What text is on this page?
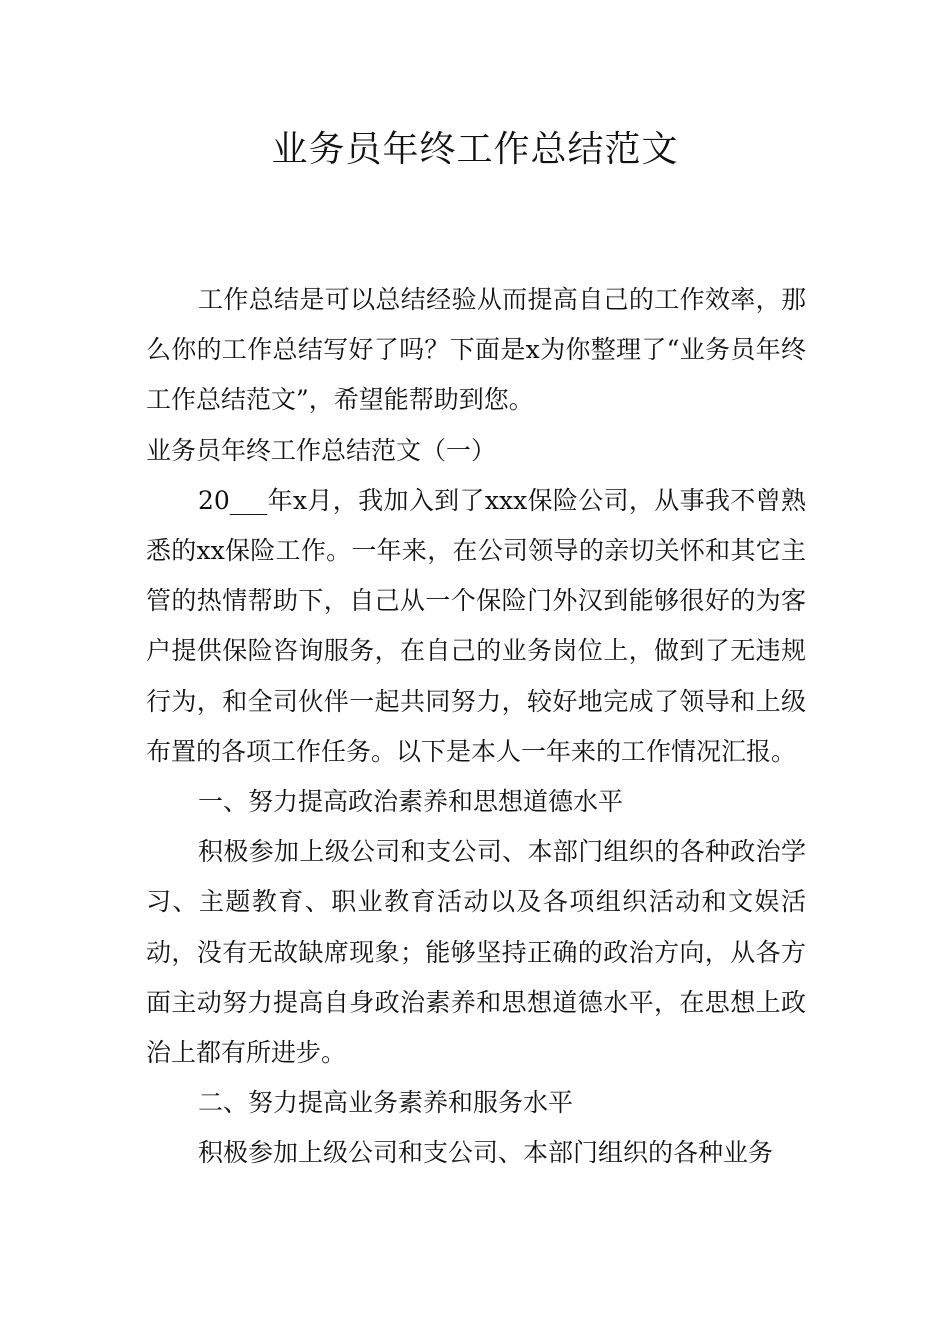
业务员年终工作总结范文

工作总结是可以总结经验从而提高自己的工作效率，那么你的工作总结写好了吗？下面是x为你整理了“业务员年终工作总结范文”，希望能帮助到您。

业务员年终工作总结范文（一）

20___年x月，我加入到了xxx保险公司，从事我不曾熟悉的xx保险工作。一年来，在公司领导的亲切关怀和其它主管的热情帮助下，自己从一个保险门外汉到能够很好的为客户提供保险咨询服务，在自己的业务岗位上，做到了无违规行为，和全司伙伴一起共同努力，较好地完成了领导和上级布置的各项工作任务。以下是本人一年来的工作情况汇报。

一、努力提高政治素养和思想道德水平

积极参加上级公司和支公司、本部门组织的各种政治学习、主题教育、职业教育活动以及各项组织活动和文娱活动，没有无故缺席现象；能够坚持正确的政治方向，从各方面主动努力提高自身政治素养和思想道德水平，在思想上政治上都有所进步。

二、努力提高业务素养和服务水平

积极参加上级公司和支公司、本部门组织的各种业务
